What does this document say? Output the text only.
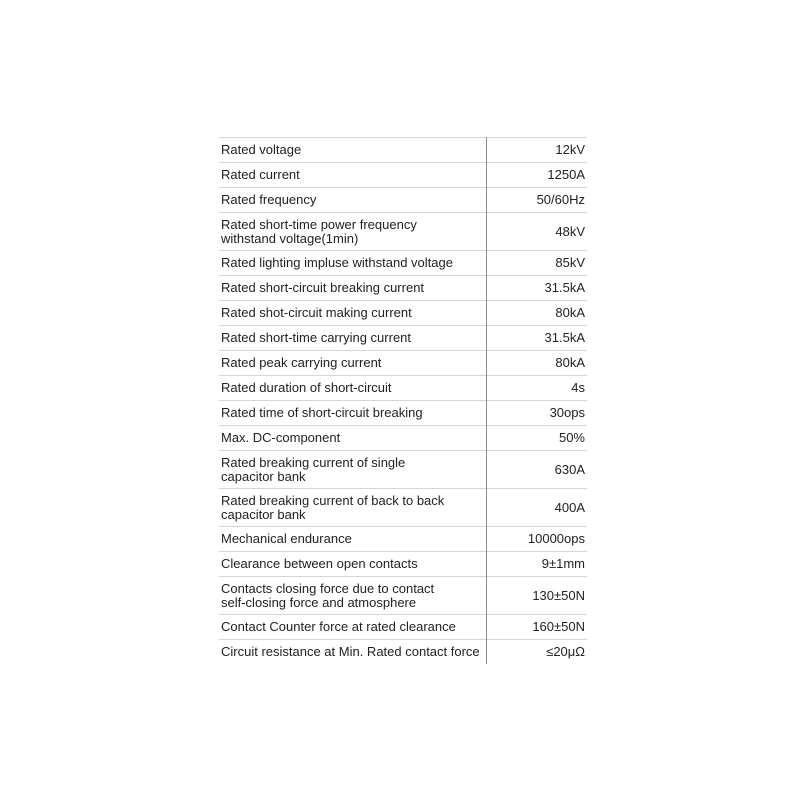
Rated voltage	12kV
Rated current	1250A
Rated frequency	50/60Hz
Rated short-time power frequency
withstand voltage(1min)	48kV
Rated lighting impluse withstand voltage	85kV
Rated short-circuit breaking current	31.5kA
Rated shot-circuit making current	80kA
Rated short-time carrying current	31.5kA
Rated peak carrying current	80kA
Rated duration of short-circuit	4s
Rated time of short-circuit breaking	30ops
Max. DC-component	50%
Rated breaking current of single
capacitor bank	630A
Rated breaking current of back to back
capacitor bank	400A
Mechanical endurance	10000ops
Clearance between open contacts	9±1mm
Contacts closing force due to contact
self-closing force and atmosphere	130±50N
Contact Counter force at rated clearance	160±50N
Circuit resistance at Min. Rated contact force	≤20μΩ
